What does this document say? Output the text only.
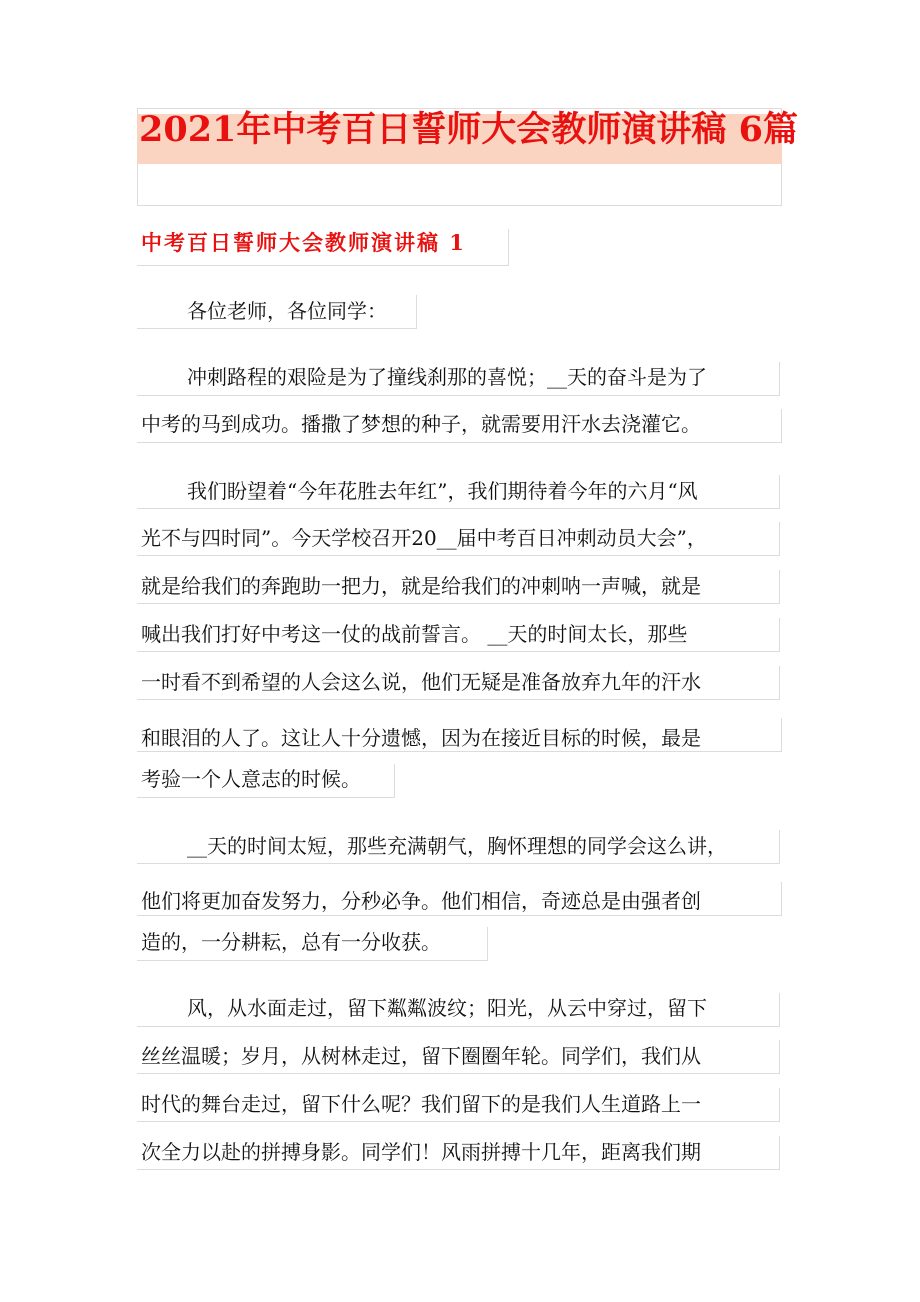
2021年中考百日誓师大会教师演讲稿 6篇
中考百日誓师大会教师演讲稿 1
各位老师，各位同学：
冲刺路程的艰险是为了撞线刹那的喜悦；__天的奋斗是为了
中考的马到成功。播撒了梦想的种子，就需要用汗水去浇灌它。
我们盼望着“今年花胜去年红”，我们期待着今年的六月“风
光不与四时同”。今天学校召开20__届中考百日冲刺动员大会”，
就是给我们的奔跑助一把力，就是给我们的冲刺呐一声喊，就是
喊出我们打好中考这一仗的战前誓言。 __天的时间太长，那些
一时看不到希望的人会这么说，他们无疑是准备放弃九年的汗水
和眼泪的人了。这让人十分遗憾，因为在接近目标的时候，最是
考验一个人意志的时候。
__天的时间太短，那些充满朝气，胸怀理想的同学会这么讲，
他们将更加奋发努力，分秒必争。他们相信，奇迹总是由强者创
造的，一分耕耘，总有一分收获。
风，从水面走过，留下粼粼波纹；阳光，从云中穿过，留下
丝丝温暖；岁月，从树林走过，留下圈圈年轮。同学们，我们从
时代的舞台走过，留下什么呢？我们留下的是我们人生道路上一
次全力以赴的拼搏身影。同学们！风雨拼搏十几年，距离我们期
